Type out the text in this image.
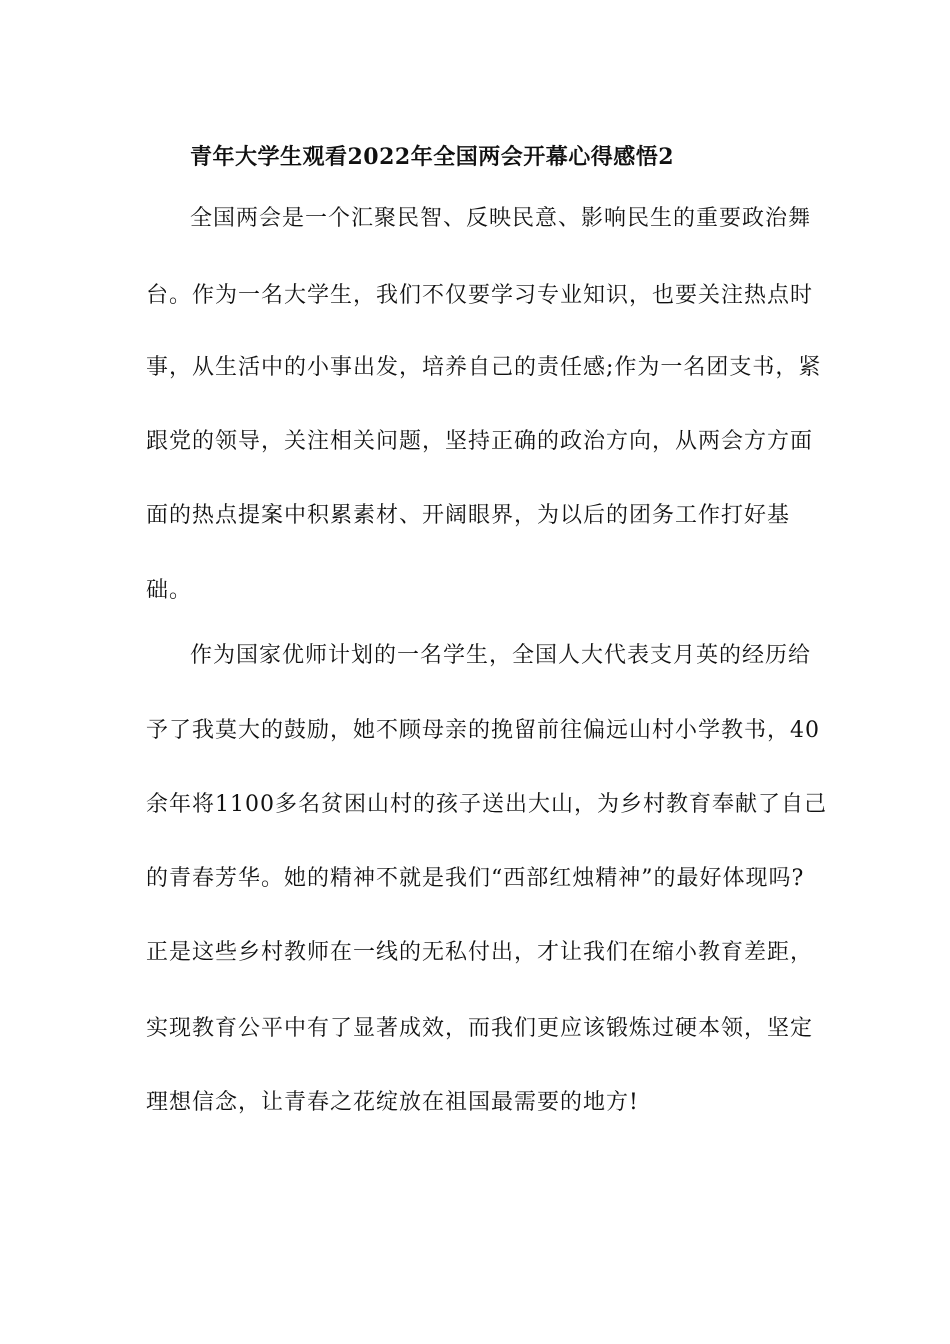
青年大学生观看2022年全国两会开幕心得感悟2
全国两会是一个汇聚民智、反映民意、影响民生的重要政治舞
台。作为一名大学生，我们不仅要学习专业知识，也要关注热点时
事，从生活中的小事出发，培养自己的责任感;作为一名团支书，紧
跟党的领导，关注相关问题，坚持正确的政治方向，从两会方方面
面的热点提案中积累素材、开阔眼界，为以后的团务工作打好基
础。
作为国家优师计划的一名学生，全国人大代表支月英的经历给
予了我莫大的鼓励，她不顾母亲的挽留前往偏远山村小学教书，40
余年将1100多名贫困山村的孩子送出大山，为乡村教育奉献了自己
的青春芳华。她的精神不就是我们“西部红烛精神”的最好体现吗?
正是这些乡村教师在一线的无私付出，才让我们在缩小教育差距，
实现教育公平中有了显著成效，而我们更应该锻炼过硬本领，坚定
理想信念，让青春之花绽放在祖国最需要的地方!
